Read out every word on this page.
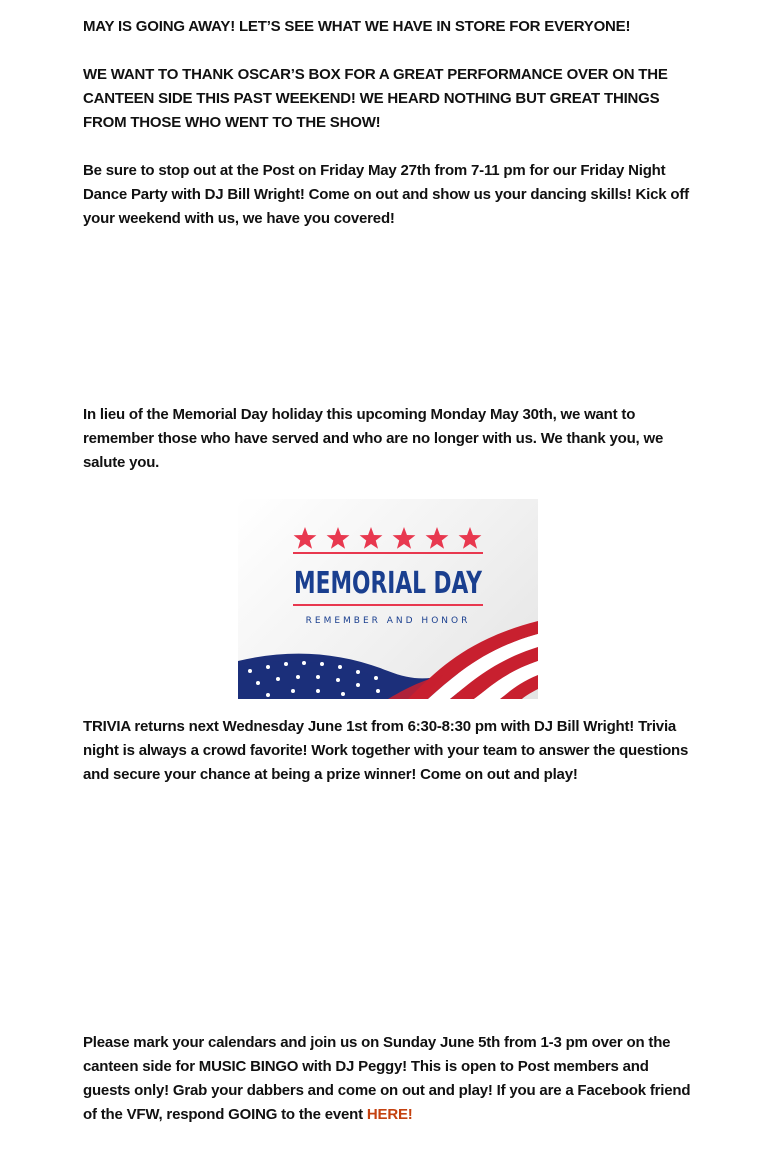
MAY IS GOING AWAY! LET’S SEE WHAT WE HAVE IN STORE FOR EVERYONE!

WE WANT TO THANK OSCAR’S BOX FOR A GREAT PERFORMANCE OVER ON THE CANTEEN SIDE THIS PAST WEEKEND! WE HEARD NOTHING BUT GREAT THINGS FROM THOSE WHO WENT TO THE SHOW!

Be sure to stop out at the Post on Friday May 27th from 7-11 pm for our Friday Night Dance Party with DJ Bill Wright! Come on out and show us your dancing skills! Kick off your weekend with us, we have you covered!

In lieu of the Memorial Day holiday this upcoming Monday May 30th, we want to remember those who have served and who are no longer with us. We thank you, we salute you.

MEMORIAL DAY
REMEMBER AND HONOR

TRIVIA returns next Wednesday June 1st from 6:30-8:30 pm with DJ Bill Wright! Trivia night is always a crowd favorite! Work together with your team to answer the questions and secure your chance at being a prize winner! Come on out and play!

Please mark your calendars and join us on Sunday June 5th from 1-3 pm over on the canteen side for MUSIC BINGO with DJ Peggy! This is open to Post members and guests only! Grab your dabbers and come on out and play! If you are a Facebook friend of the VFW, respond GOING to the event HERE!
